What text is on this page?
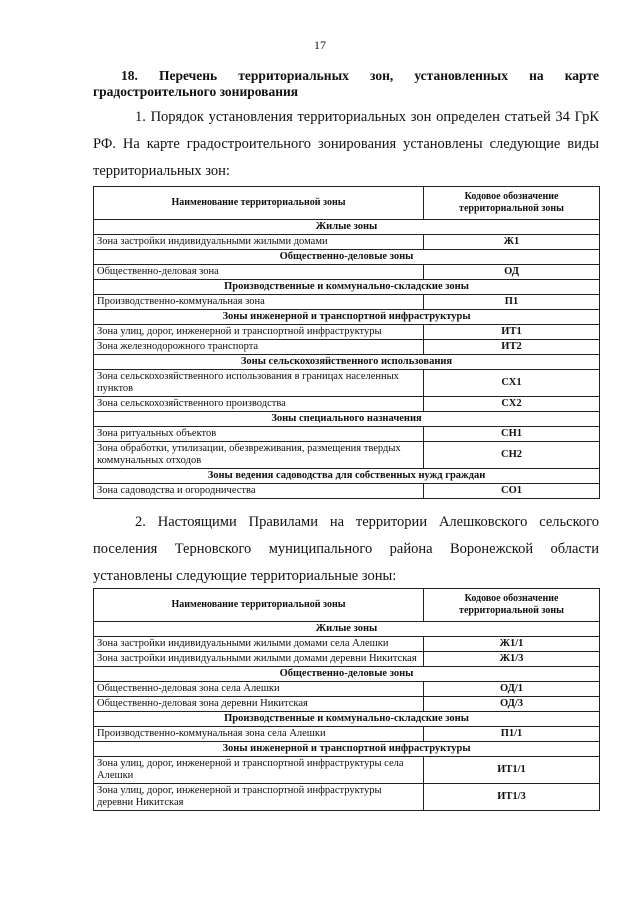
17
18. Перечень территориальных зон, установленных на карте градостроительного зонирования
1. Порядок установления территориальных зон определен статьей 34 ГрК РФ. На карте градостроительного зонирования установлены следующие виды территориальных зон:
Наименование территориальной зоны	Кодовое обозначение территориальной зоны
Жилые зоны	
Зона застройки индивидуальными жилыми домами	Ж1
Общественно-деловые зоны	
Общественно-деловая зона	ОД
Производственные и коммунально-складские зоны	
Производственно-коммунальная зона	П1
Зоны инженерной и транспортной инфраструктуры	
Зона улиц, дорог, инженерной и транспортной инфраструктуры	ИТ1
Зона железнодорожного транспорта	ИТ2
Зоны сельскохозяйственного использования	
Зона сельскохозяйственного использования в границах населенных пунктов	СХ1
Зона сельскохозяйственного производства	СХ2
Зоны специального назначения	
Зона ритуальных объектов	СН1
Зона обработки, утилизации, обезвреживания, размещения твердых коммунальных отходов	СН2
Зоны ведения садоводства для собственных нужд граждан	
Зона садоводства и огородничества	СО1
2. Настоящими Правилами на территории Алешковского сельского поселения Терновского муниципального района Воронежской области установлены следующие территориальные зоны:
Наименование территориальной зоны	Кодовое обозначение территориальной зоны
Жилые зоны	
Зона застройки индивидуальными жилыми домами села Алешки	Ж1/1
Зона застройки индивидуальными жилыми домами деревни Никитская	Ж1/3
Общественно-деловые зоны	
Общественно-деловая зона села Алешки	ОД/1
Общественно-деловая зона деревни Никитская	ОД/3
Производственные и коммунально-складские зоны	
Производственно-коммунальная зона села Алешки	П1/1
Зоны инженерной и транспортной инфраструктуры	
Зона улиц, дорог, инженерной и транспортной инфраструктуры села Алешки	ИТ1/1
Зона улиц, дорог, инженерной и транспортной инфраструктуры деревни Никитская	ИТ1/3
